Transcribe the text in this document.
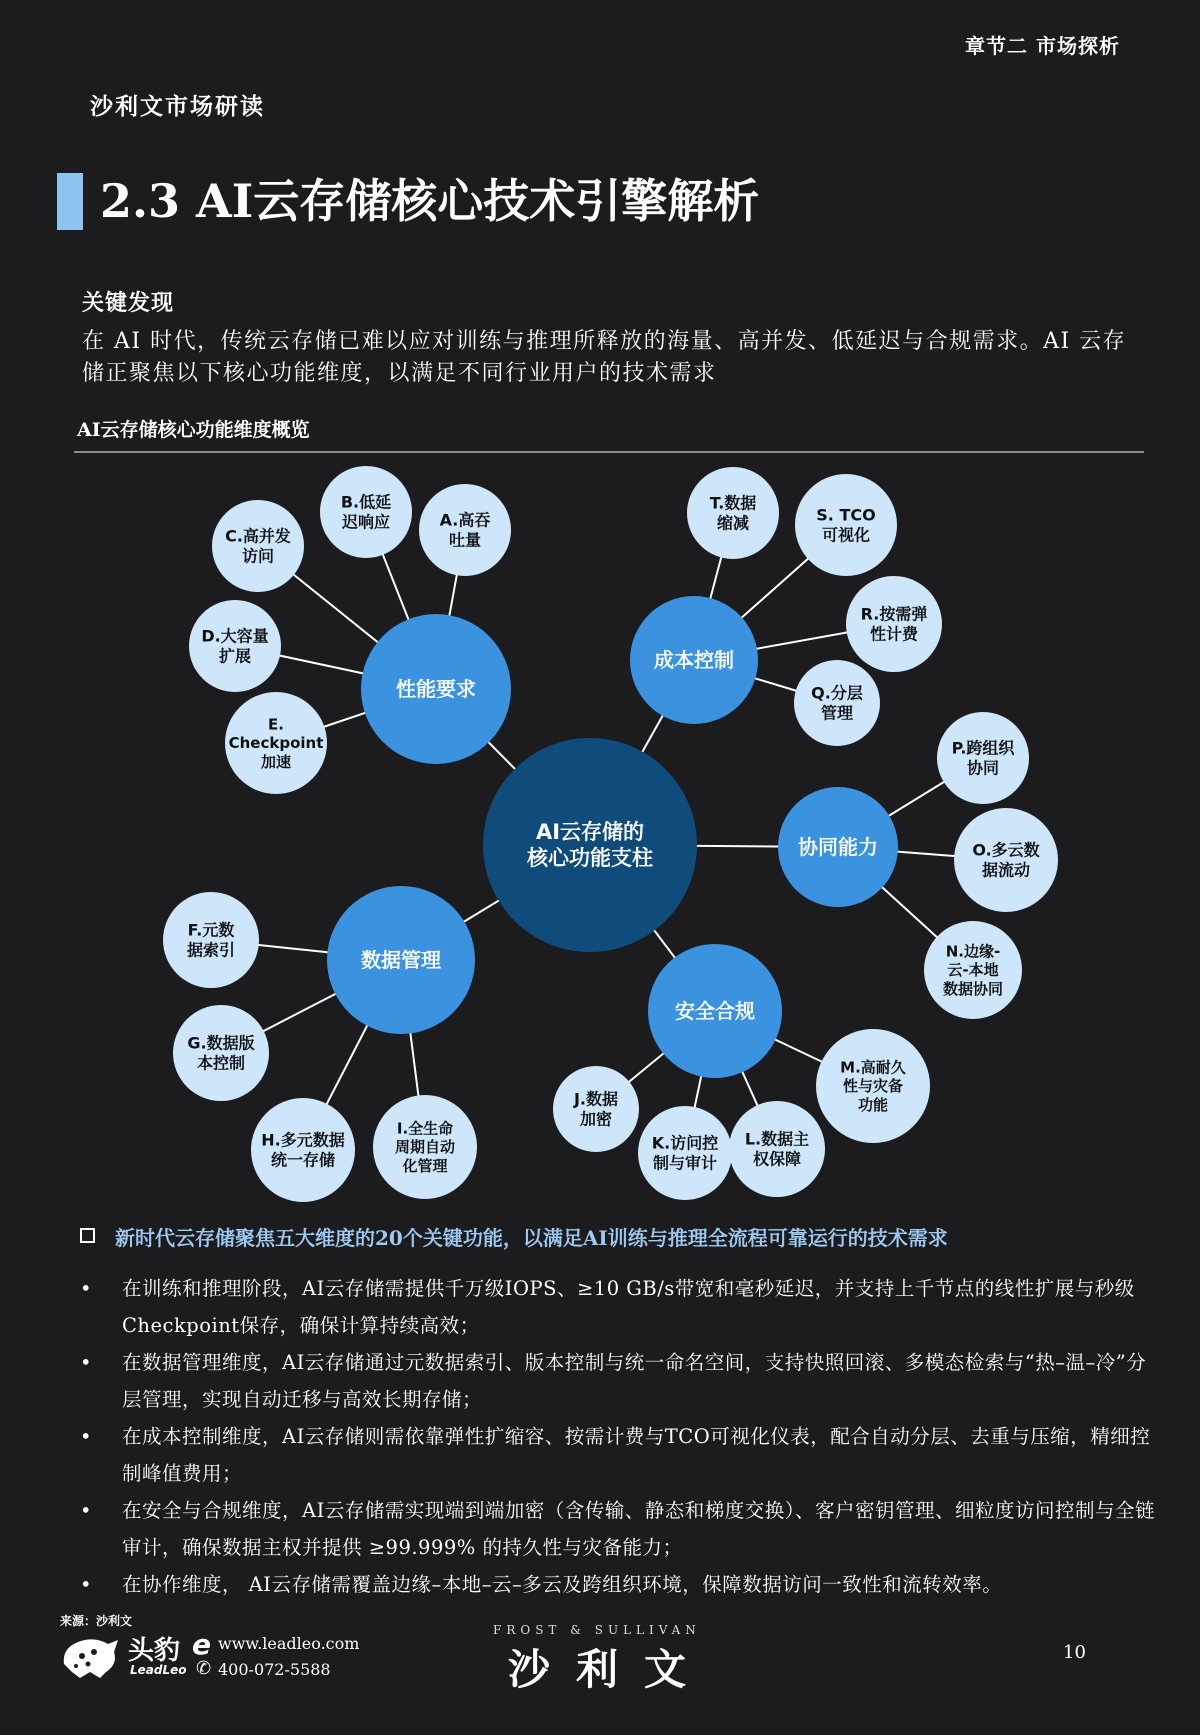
章节二 市场探析
沙利文市场研读
2.3 AI云存储核心技术引擎解析
关键发现
在 AI 时代，传统云存储已难以应对训练与推理所释放的海量、高并发、低延迟与合规需求。AI 云存储正聚焦以下核心功能维度，以满足不同行业用户的技术需求
AI云存储核心功能维度概览
AI云存储的
核心功能支柱
性能要求
成本控制
协同能力
数据管理
安全合规
A.高吞
吐量
B.低延
迟响应
C.高并发
访问
D.大容量
扩展
E.
Checkpoint
加速
T.数据
缩减	S. TCO
可视化
R.按需弹
性计费
Q.分层
管理
P.跨组织
协同
O.多云数
据流动
N.边缘-
云-本地
数据协同
F.元数
据索引
G.数据版
本控制
H.多元数据
统一存储
I.全生命
周期自动
化管理
M.高耐久
性与灾备
功能
L.数据主
权保障
K.访问控
制与审计
J.数据
加密
新时代云存储聚焦五大维度的20个关键功能，以满足AI训练与推理全流程可靠运行的技术需求
• 在训练和推理阶段，AI云存储需提供千万级IOPS、≥10 GB/s带宽和毫秒延迟，并支持上千节点的线性扩展与秒级Checkpoint保存，确保计算持续高效；
• 在数据管理维度，AI云存储通过元数据索引、版本控制与统一命名空间，支持快照回滚、多模态检索与“热–温–冷”分层管理，实现自动迁移与高效长期存储；
• 在成本控制维度，AI云存储则需依靠弹性扩缩容、按需计费与TCO可视化仪表，配合自动分层、去重与压缩，精细控制峰值费用；
• 在安全与合规维度，AI云存储需实现端到端加密（含传输、静态和梯度交换）、客户密钥管理、细粒度访问控制与全链审计，确保数据主权并提供 ≥99.999% 的持久性与灾备能力；
• 在协作维度， AI云存储需覆盖边缘–本地–云–多云及跨组织环境，保障数据访问一致性和流转效率。
来源：沙利文
头豹
LeadLeo
e www.leadleo.com
✆ 400-072-5588
FROST & SULLIVAN
沙利文	10
